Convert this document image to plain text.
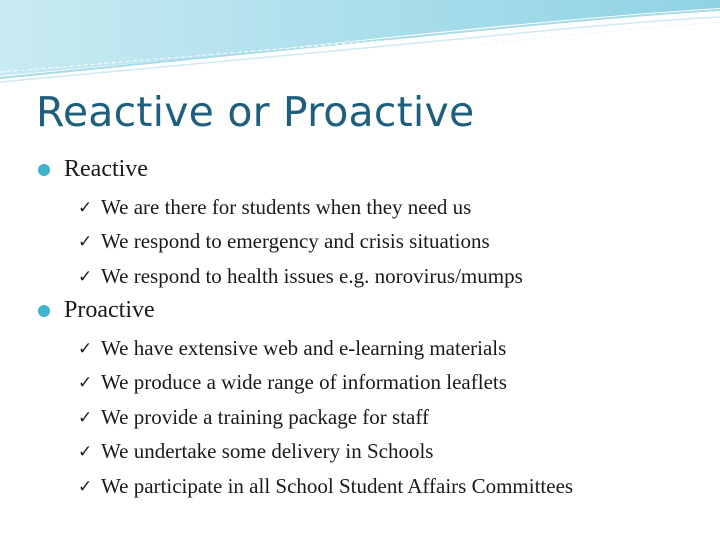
Reactive or Proactive
Reactive
✓ We are there for students when they need us
✓ We respond to emergency and crisis situations
✓ We respond to health issues e.g. norovirus/mumps
Proactive
✓ We have extensive web and e-learning materials
✓ We produce a wide range of information leaflets
✓ We provide a training package for staff
✓ We undertake some delivery in Schools
✓ We participate in all School Student Affairs Committees
